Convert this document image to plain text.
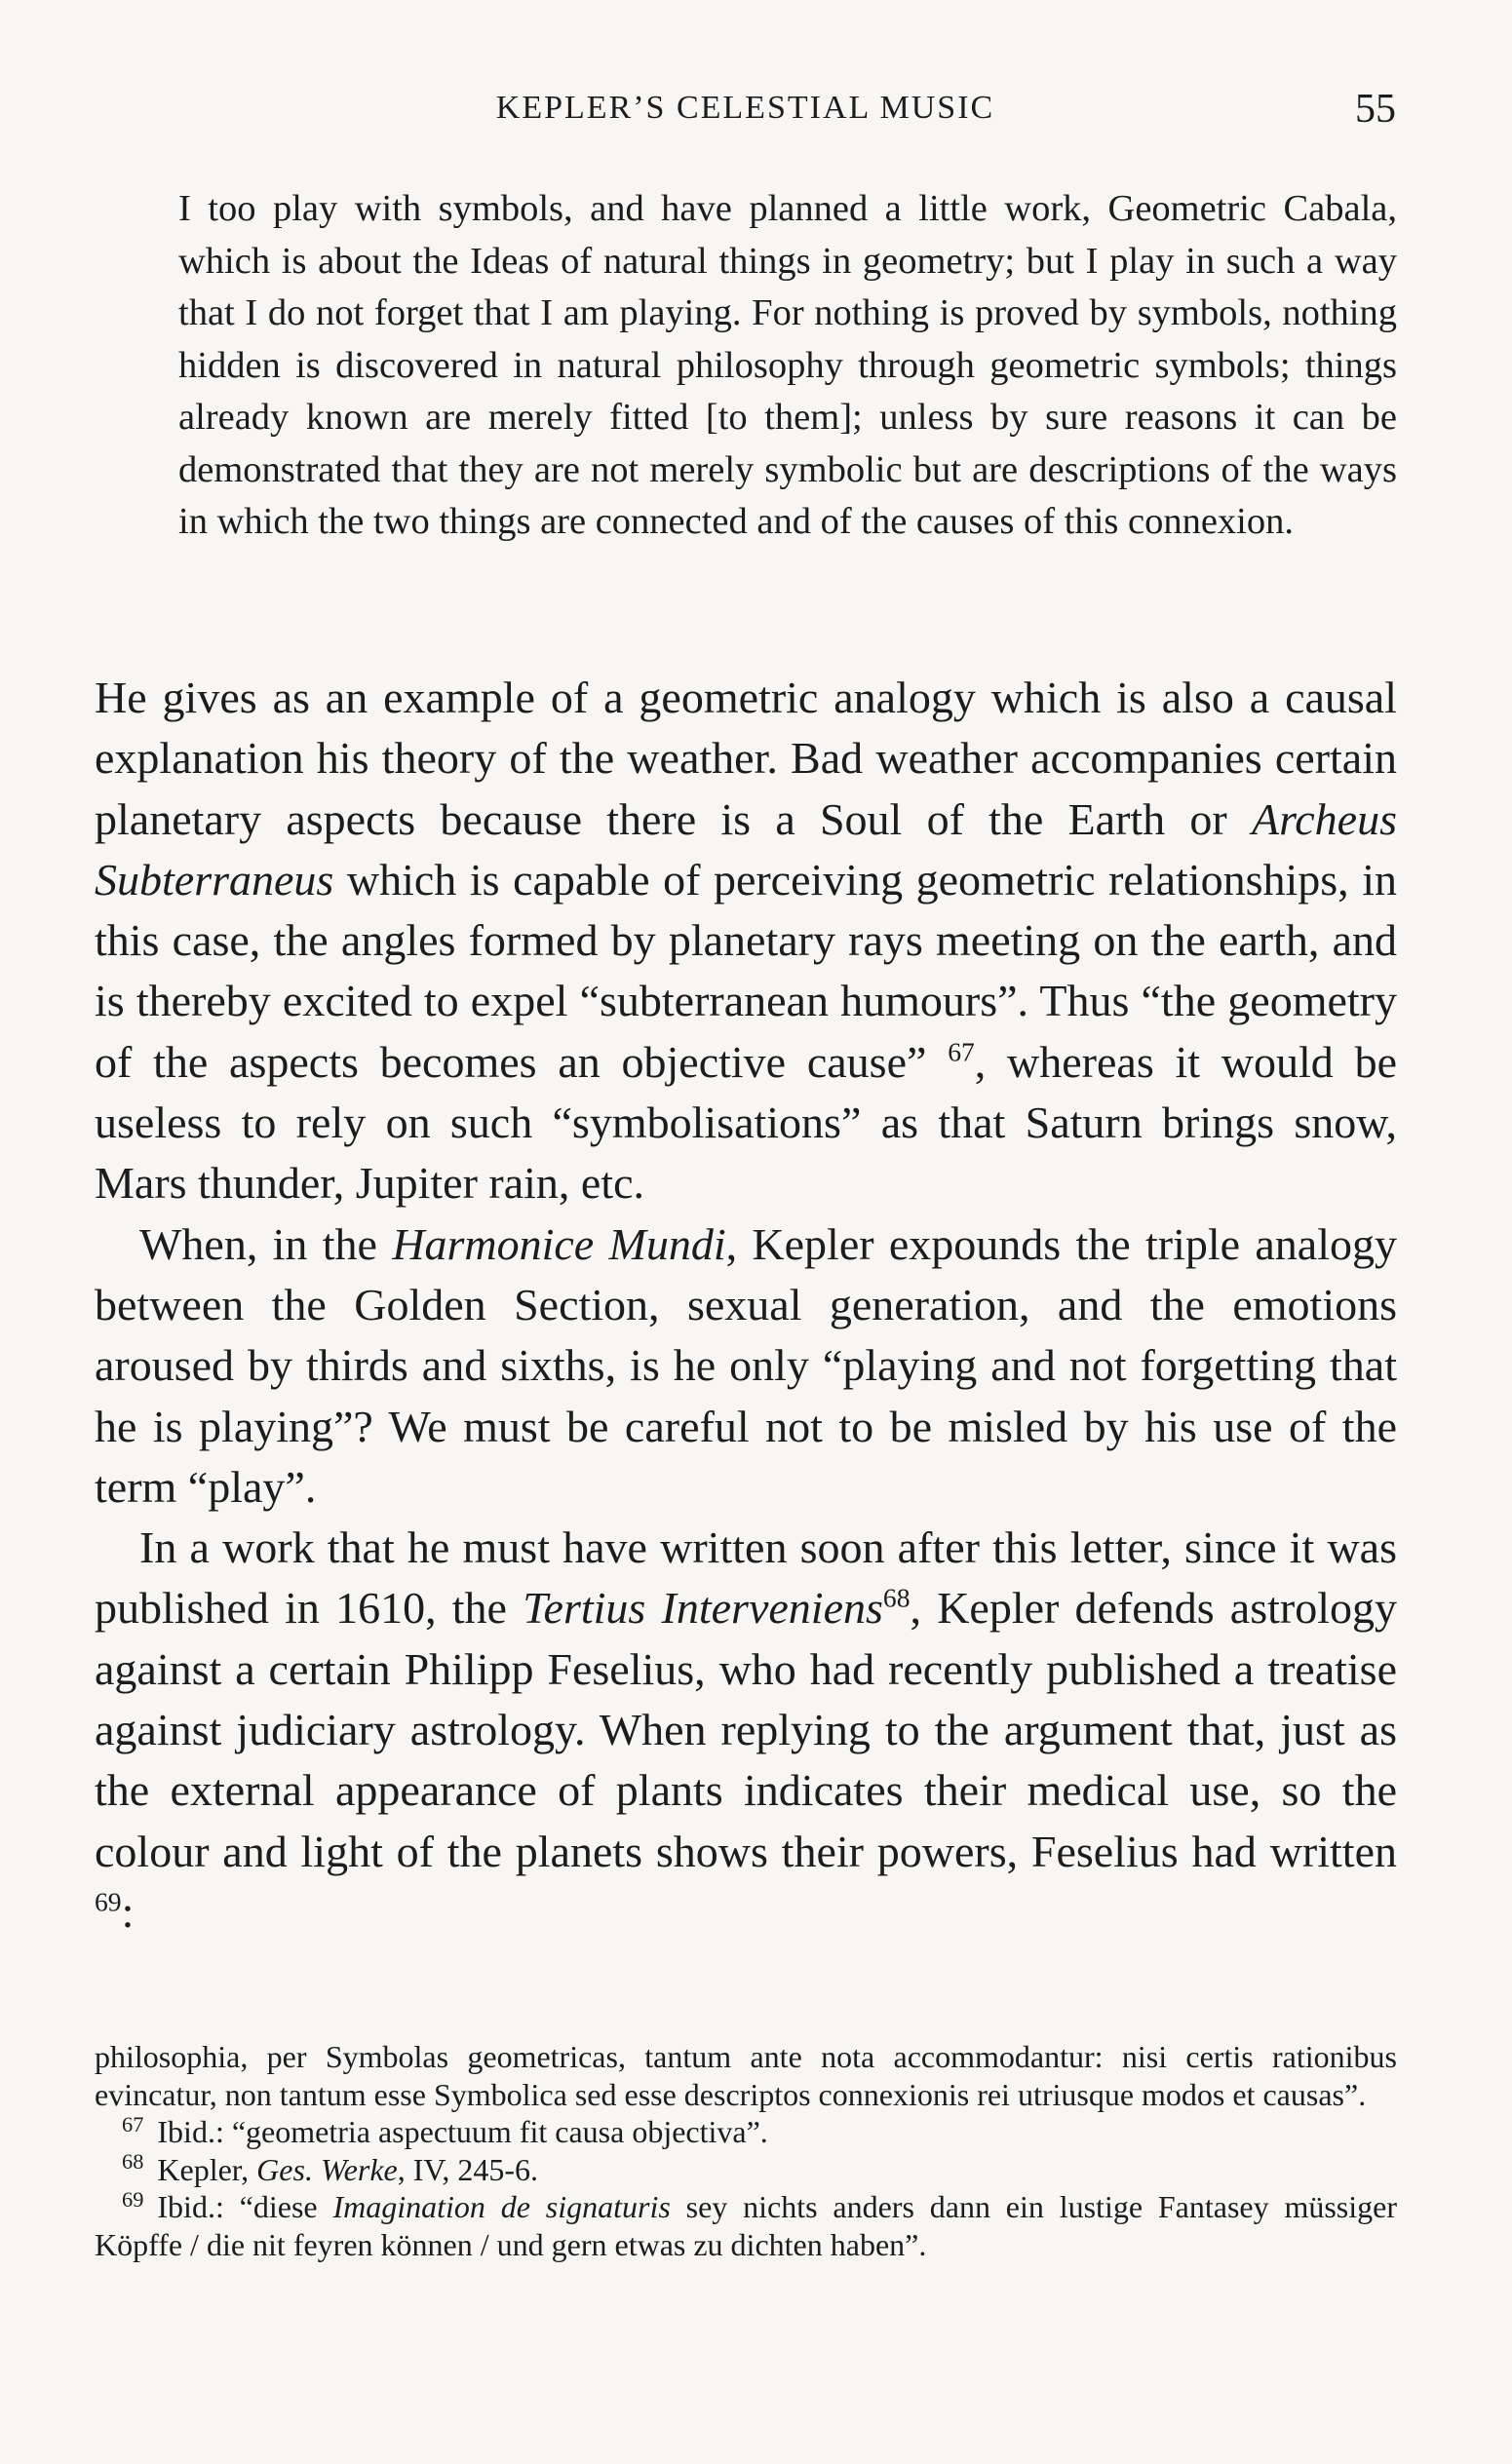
KEPLER’S CELESTIAL MUSIC	55

I too play with symbols, and have planned a little work, Geometric Cabala, which is about the Ideas of natural things in geometry; but I play in such a way that I do not forget that I am playing. For nothing is proved by symbols, nothing hidden is discovered in natural philosophy through geometric symbols; things already known are merely fitted [to them]; unless by sure reasons it can be demonstrated that they are not merely symbolic but are descriptions of the ways in which the two things are connected and of the causes of this connexion.

He gives as an example of a geometric analogy which is also a causal explanation his theory of the weather. Bad weather accompanies certain planetary aspects because there is a Soul of the Earth or Archeus Subterraneus which is capable of perceiving geometric relationships, in this case, the angles formed by planetary rays meeting on the earth, and is thereby excited to expel “subterranean humours”. Thus “the geometry of the aspects becomes an objective cause” $^{67}$, whereas it would be useless to rely on such “symbolisations” as that Saturn brings snow, Mars thunder, Jupiter rain, etc.

When, in the Harmonice Mundi, Kepler expounds the triple analogy between the Golden Section, sexual generation, and the emotions aroused by thirds and sixths, is he only “playing and not forgetting that he is playing”? We must be careful not to be misled by his use of the term “play”.

In a work that he must have written soon after this letter, since it was published in 1610, the Tertius Interveniens$^{68}$, Kepler defends astrology against a certain Philipp Feselius, who had recently published a treatise against judiciary astrology. When replying to the argument that, just as the external appearance of plants indicates their medical use, so the colour and light of the planets shows their powers, Feselius had written $^{69}$:

philosophia, per Symbolas geometricas, tantum ante nota accommodantur: nisi certis rationibus evincatur, non tantum esse Symbolica sed esse descriptos connexionis rei utriusque modos et causas”.

$^{67}$ Ibid.: “geometria aspectuum fit causa objectiva”.

$^{68}$ Kepler, Ges. Werke, IV, 245-6.

$^{69}$ Ibid.: “diese Imagination de signaturis sey nichts anders dann ein lustige Fantasey müssiger Köpffe / die nit feyren können / und gern etwas zu dichten haben”.
